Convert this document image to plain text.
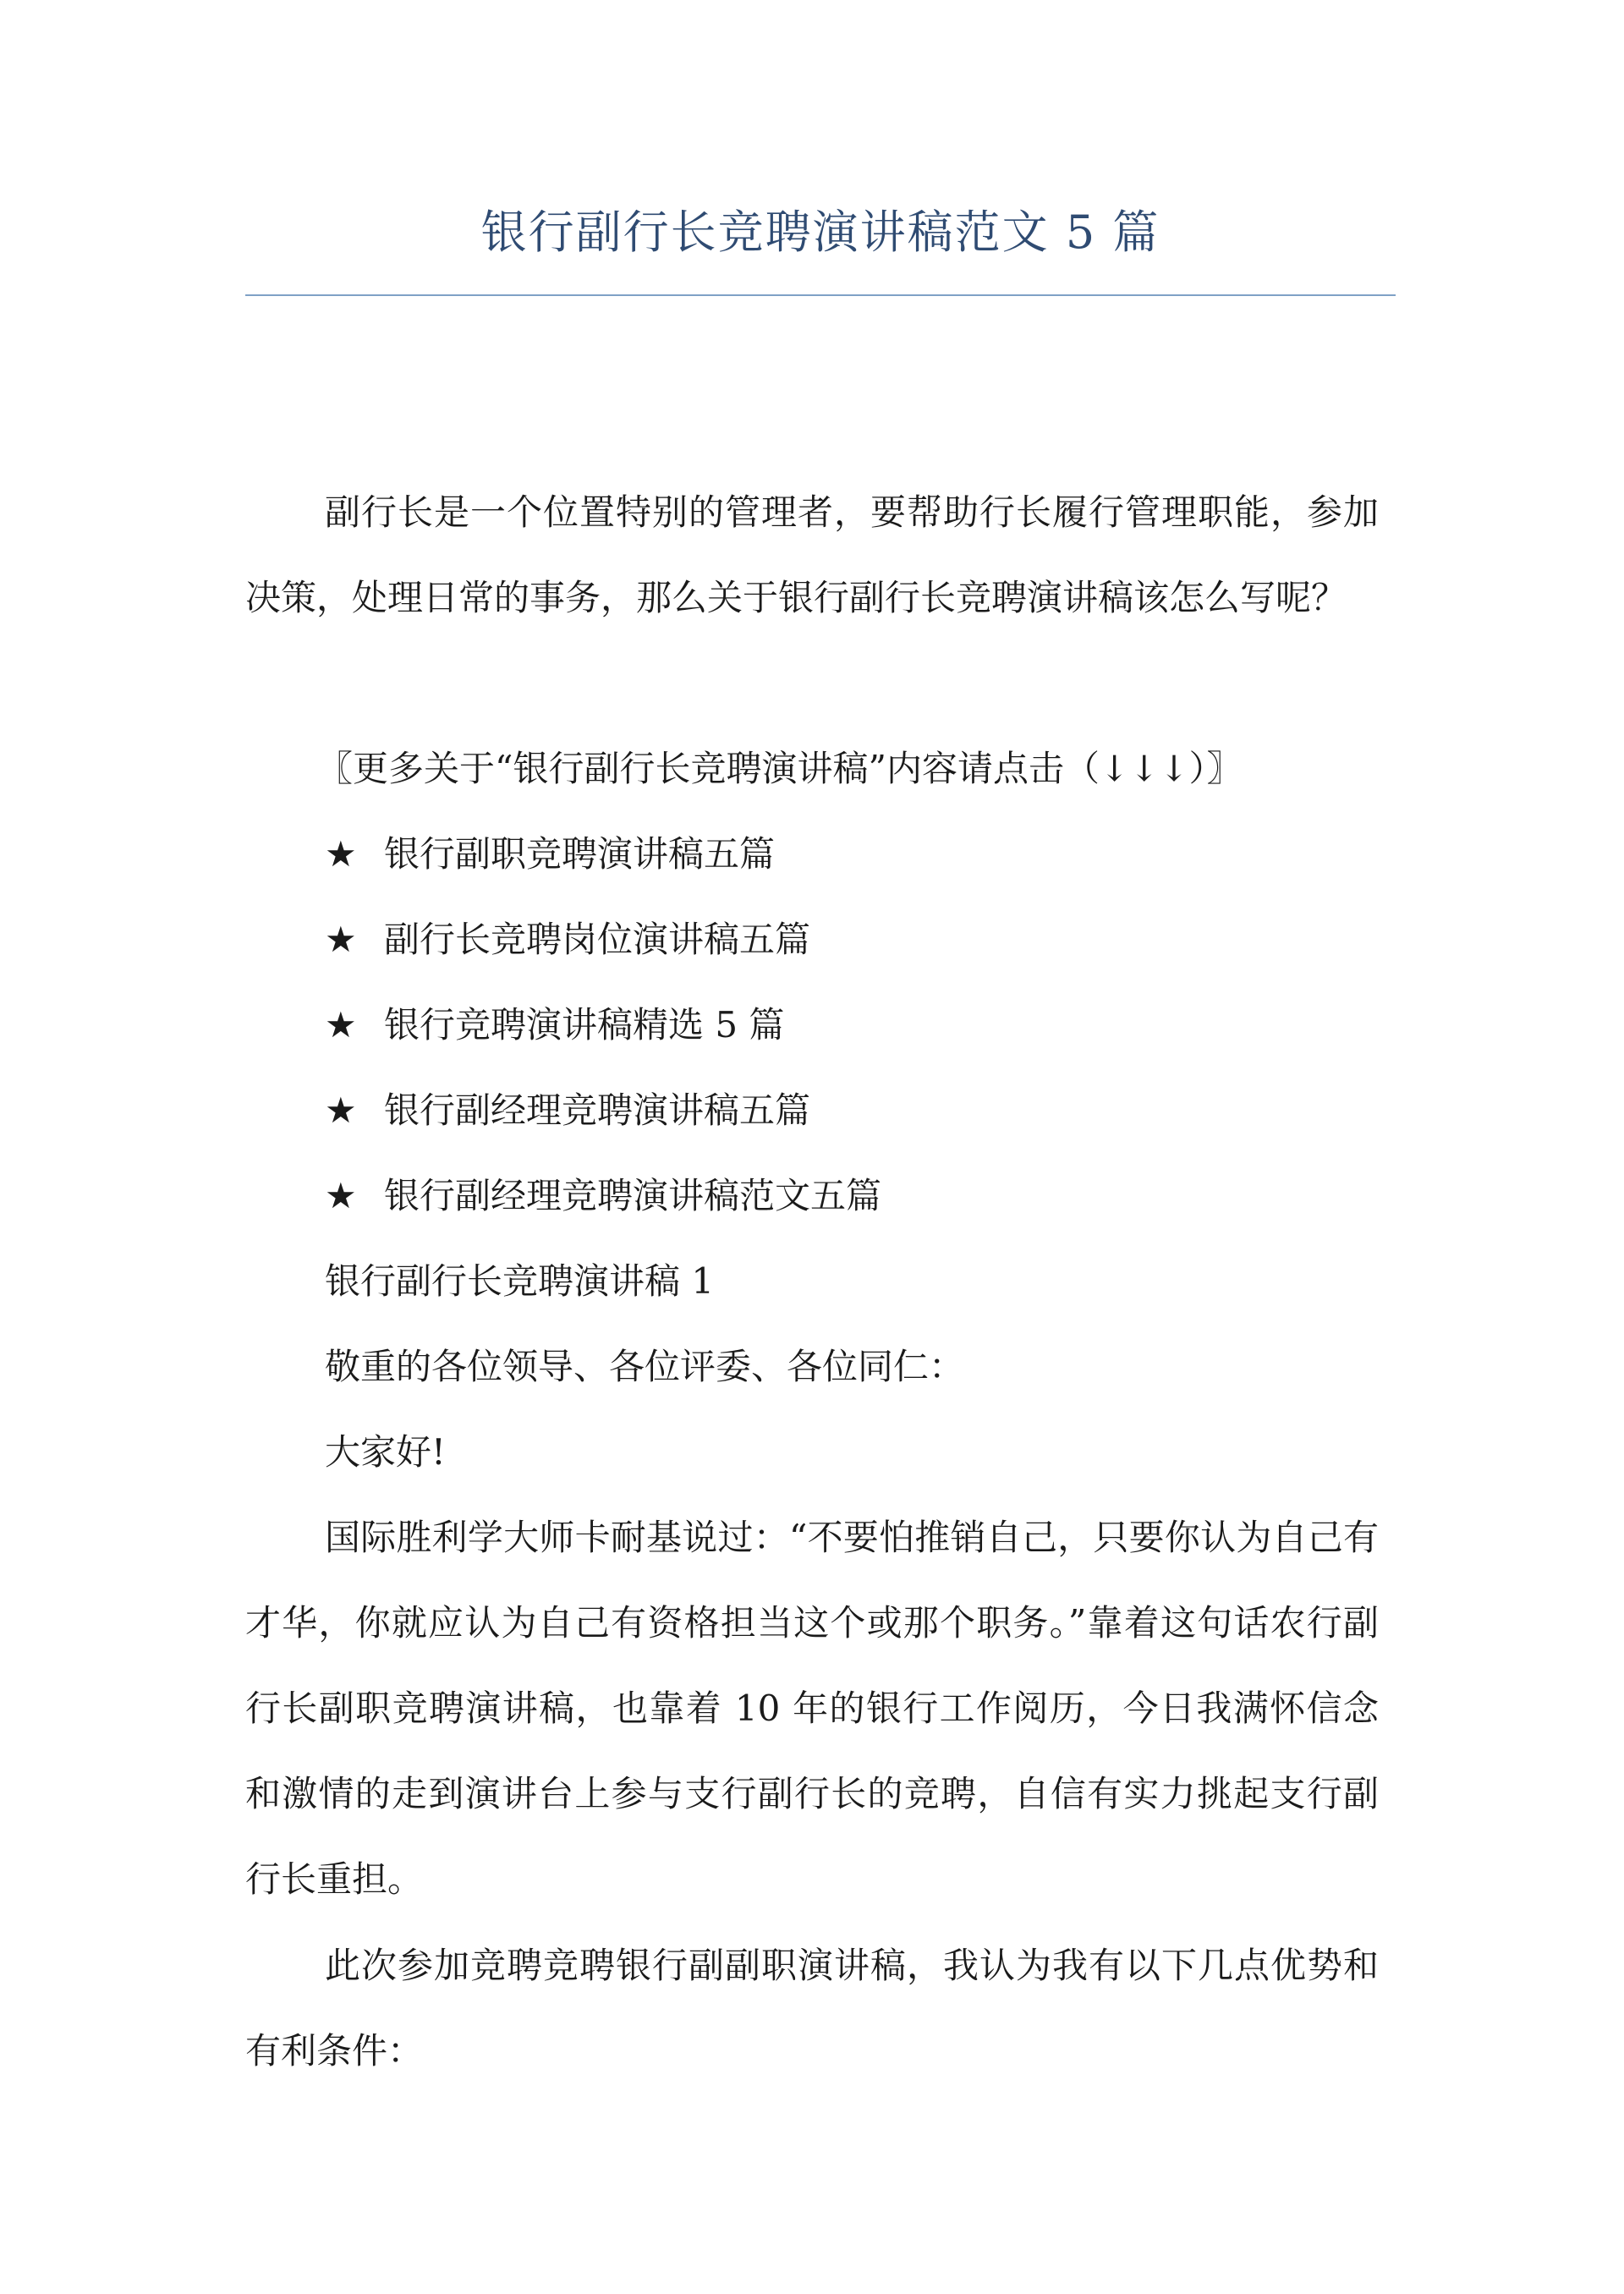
银行副行长竞聘演讲稿范文 5 篇
副行长是一个位置特别的管理者，要帮助行长履行管理职能，参加决策，处理日常的事务，那么关于银行副行长竞聘演讲稿该怎么写呢？
〖更多关于“银行副行长竞聘演讲稿”内容请点击（↓↓↓）〗
★ 银行副职竞聘演讲稿五篇
★ 副行长竞聘岗位演讲稿五篇
★ 银行竞聘演讲稿精选 5 篇
★ 银行副经理竞聘演讲稿五篇
★ 银行副经理竞聘演讲稿范文五篇
银行副行长竞聘演讲稿 1
敬重的各位领导、各位评委、各位同仁：
大家好!
国际胜利学大师卡耐基说过：“不要怕推销自己，只要你认为自己有才华，你就应认为自己有资格担当这个或那个职务。”靠着这句话农行副行长副职竞聘演讲稿，也靠着 10 年的银行工作阅历，今日我满怀信念和激情的走到演讲台上参与支行副行长的竞聘，自信有实力挑起支行副行长重担。
此次参加竞聘竞聘银行副副职演讲稿，我认为我有以下几点优势和有利条件：
